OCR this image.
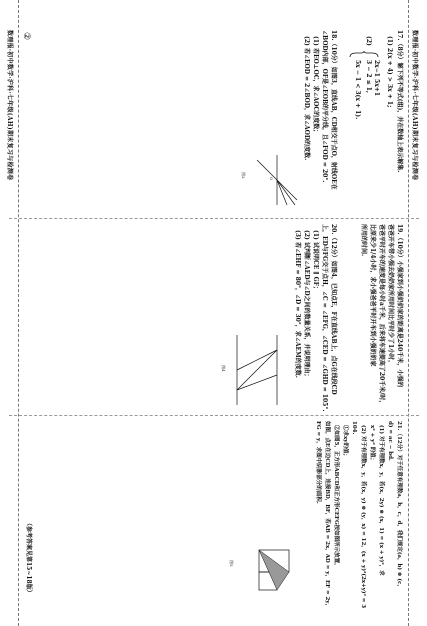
数理报·初中数学·沪科·七年级(AH)期末复习与检测卷
数理报·初中数学·沪科·七年级(AH)期末复习与检测卷 ②	17.（8分）解下列不等式(组)，并在数轴上表示解集.
(1) 2(x + 4) > 3x + 1;
(2)
2x−1 5x+1
3 − 2 ≤ 1,
5x − 1 < 3(x + 1).
18.（10分）如图3，直线AB，CD相交于点O，射线OE在
∠BOD内部，OF是∠EOB的平分线，且∠FOD = 20°.
(1) 若EO⊥OC，求∠AOC的度数；
(2) 若∠EOD = 2∠BOD，求∠AOD的度数.
O
图3
19.（10分）小强家到小强奶奶家的距离是240千米，小强的
爸爸开车带小强去奶奶家所用时间比平时少了1小时，
爸爸平时开车的速度是每小时a千米，后来将车速提高了20千米/时，
比原来少1/4小时，求小强爸爸平时开车到小强奶奶家
所用的时间.
20.（12分）如图4，已知点E，F在直线AB上，点G在线段CD
上，ED与FG交于点H，∠C = ∠EFG，∠CED = ∠GHD = 105°.
(1) 试说明CE ∥ GF；
(2) 试判断∠AED与∠D之间的数量关系，并说明理由；
(3) 若∠EHF = 80°，∠D = 30°，求∠AEM的度数.
图4
21.（12分）对于任意有理数a，b，c，d，我们规定(a，b) ⊗ (c，
d) = ac − bd.
(1) 对于有理数x，y，若(x，2y) ⊗ (x，1) = (x + y)²，求
x² + y² 的值；
(2) 对于有理数x，y，若(x，y) ⊗ (y，x) = 12，(x + y)²(2x+y)² = 3
104.
①求xy的值；
②如图5，正方形ABCD和正方形CEFG按如图所示放置，
如图，点E在边CD上，连接BD，BF，若AB = 2x，AD = y，EF = 2y，
FG = y，求图中阴影部分的面积.
图5
（参考答案见第15~18版）
